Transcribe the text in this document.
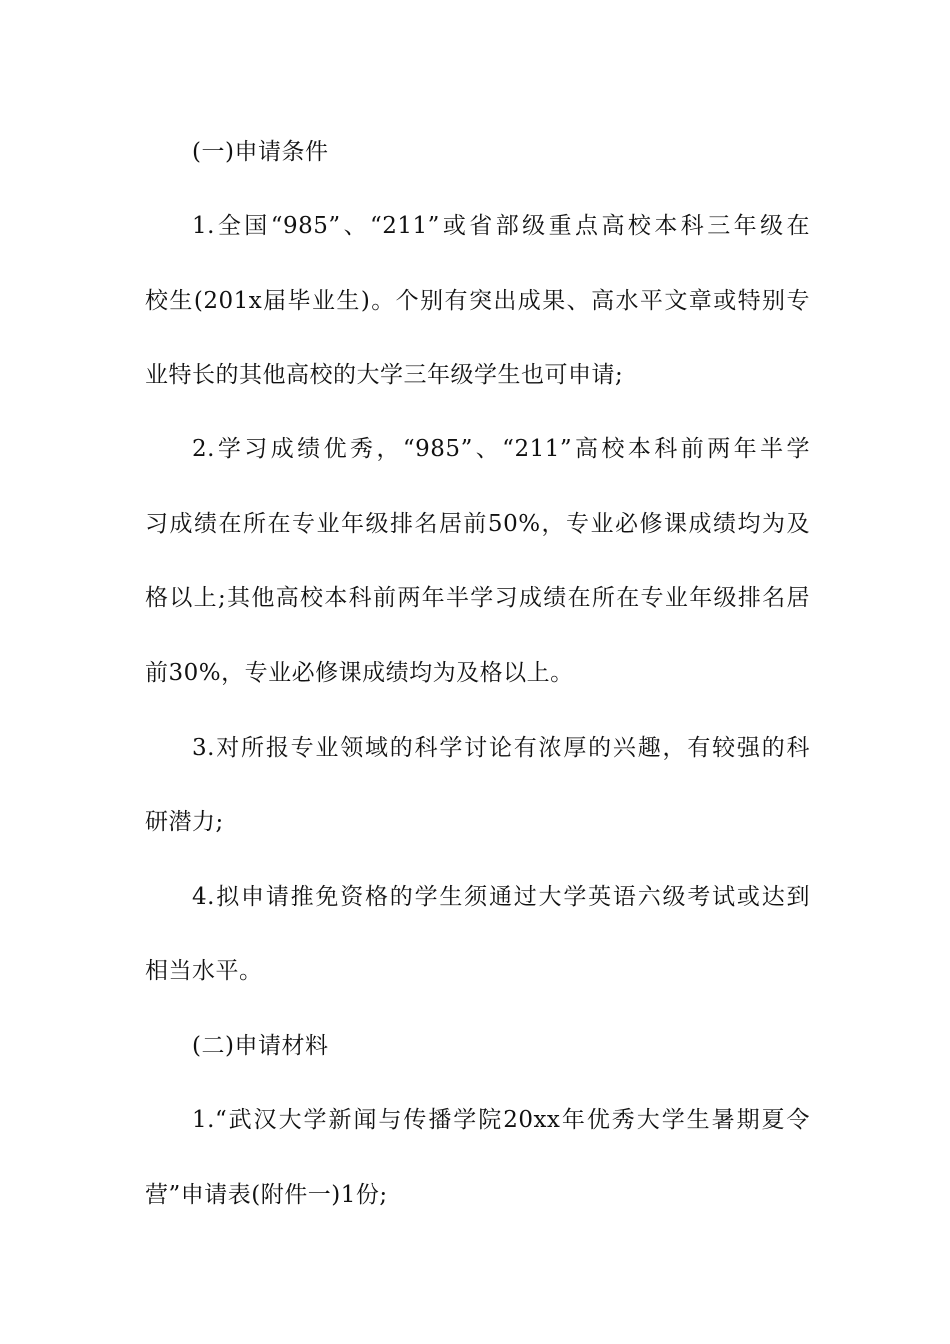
(一)申请条件
1.全国“985”、“211”或省部级重点高校本科三年级在
校生(201x届毕业生)。个别有突出成果、高水平文章或特别专
业特长的其他高校的大学三年级学生也可申请;
2.学习成绩优秀，“985”、“211”高校本科前两年半学
习成绩在所在专业年级排名居前50%，专业必修课成绩均为及
格以上;其他高校本科前两年半学习成绩在所在专业年级排名居
前30%，专业必修课成绩均为及格以上。
3.对所报专业领域的科学讨论有浓厚的兴趣，有较强的科
研潜力;
4.拟申请推免资格的学生须通过大学英语六级考试或达到
相当水平。
(二)申请材料
1.“武汉大学新闻与传播学院20xx年优秀大学生暑期夏令
营”申请表(附件一)1份;
